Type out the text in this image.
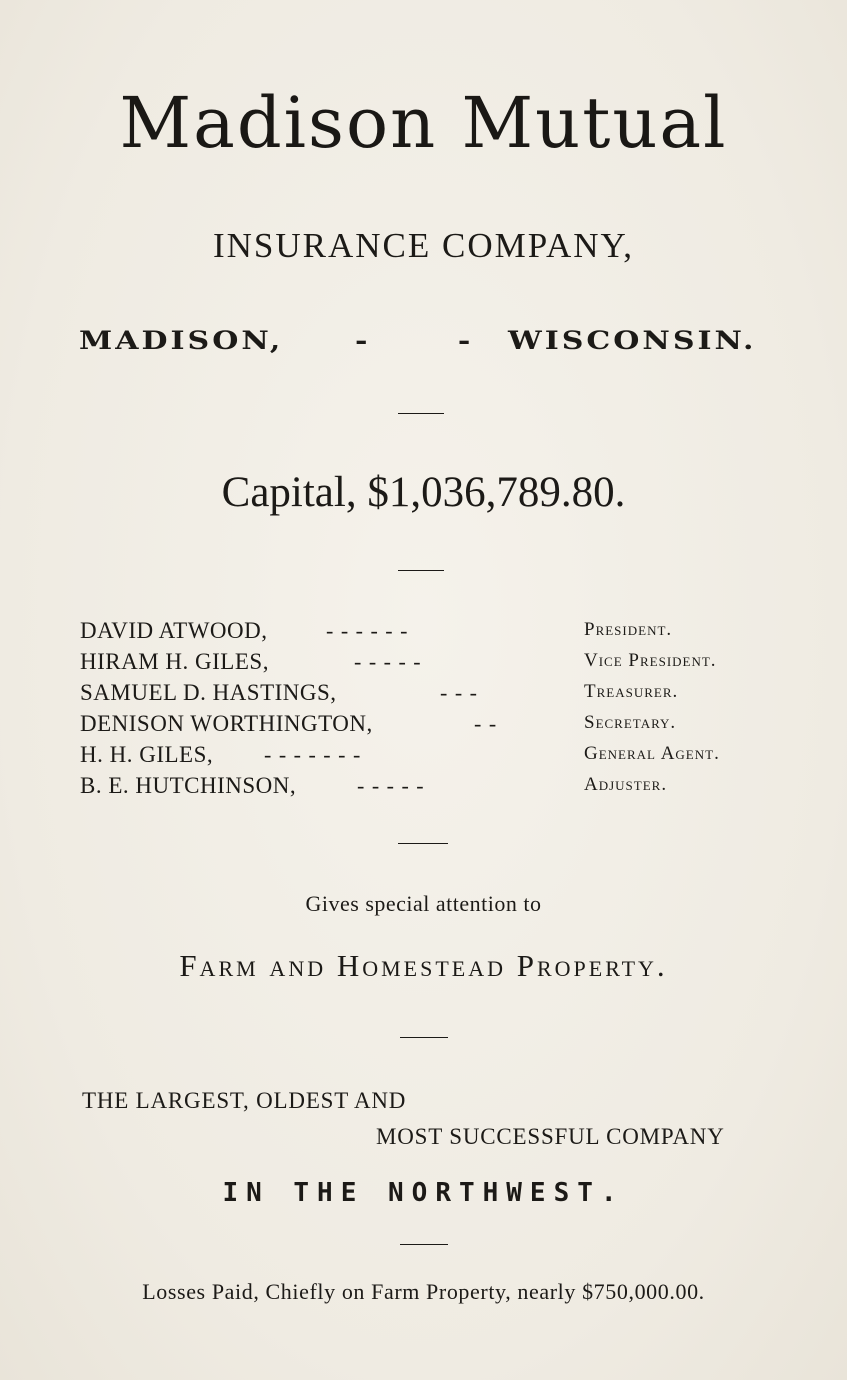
Madison Mutual
INSURANCE COMPANY,
MADISON, - -
WISCONSIN.
Capital, $1,036,789.80.
DAVID ATWOOD,	- - - - - -	President.
HIRAM H. GILES,	- - - - -	Vice President.
SAMUEL D. HASTINGS,	- - -	Treasurer.
DENISON WORTHINGTON,	- -	Secretary.
H. H. GILES, - - - - - - -	General Agent.
B. E. HUTCHINSON,	- - - - -	Adjuster.
Gives special attention to
Farm and Homestead Property.
THE LARGEST, OLDEST AND
MOST SUCCESSFUL COMPANY
IN THE NORTHWEST.
Losses Paid, Chiefly on Farm Property, nearly $750,000.00.
